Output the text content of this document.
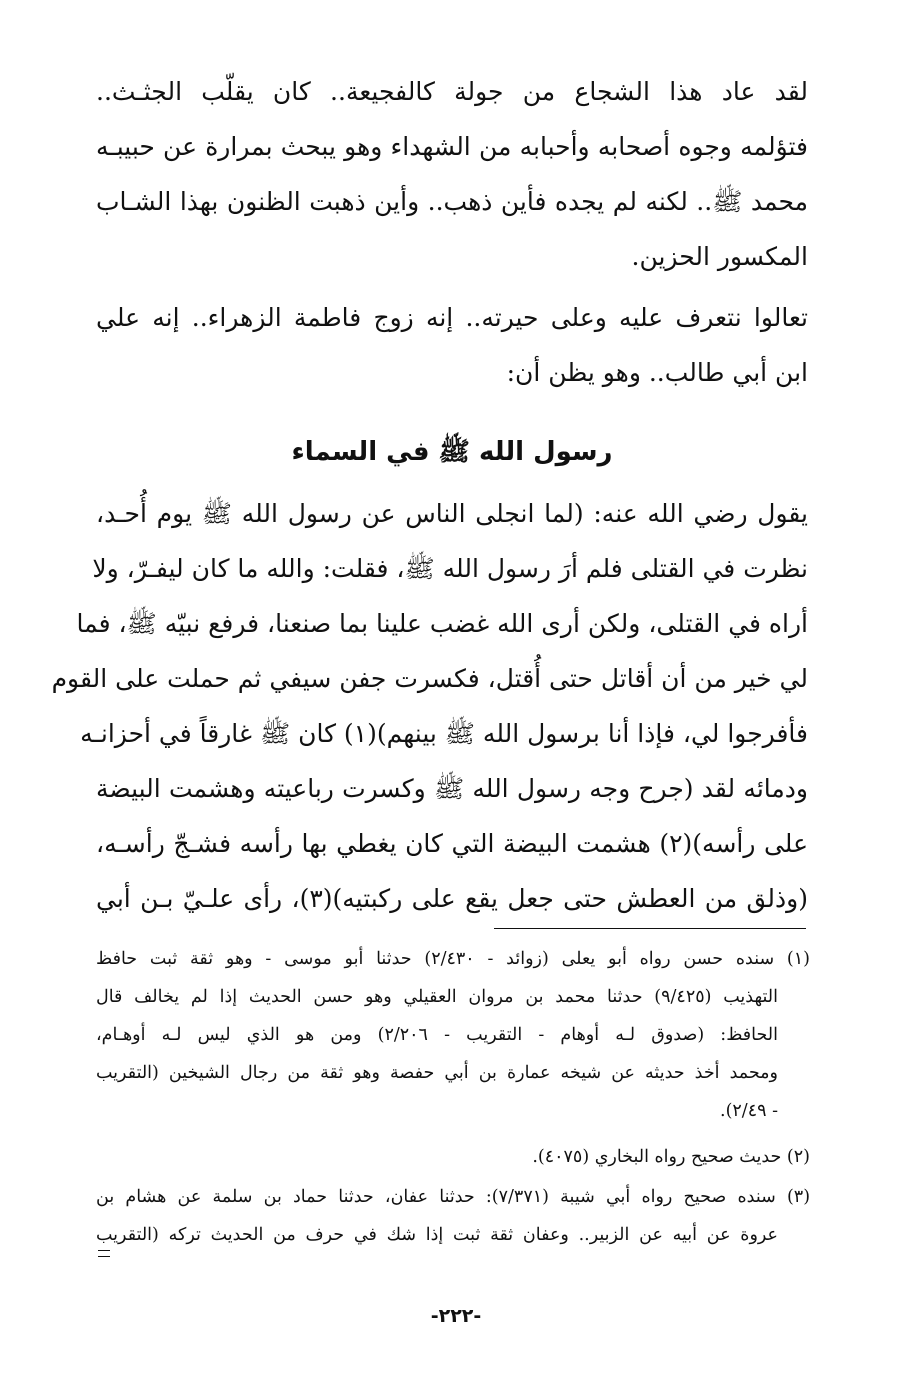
لقد عاد هذا الشجاع من جولة كالفجيعة.. كان يقلّب الجثـث..
فتؤلمه وجوه أصحابه وأحبابه من الشهداء وهو يبحث بمرارة عن حبيبـه
محمد ﷺ.. لكنه لم يجده فأين ذهب.. وأين ذهبت الظنون بهذا الشـاب
المكسور الحزين.

تعالوا نتعرف عليه وعلى حيرته.. إنه زوج فاطمة الزهراء.. إنه علي
ابن أبي طالب.. وهو يظن أن:

رسول الله ﷺ في السماء

يقول رضي الله عنه: (لما انجلى الناس عن رسول الله ﷺ يوم أُحـد،
نظرت في القتلى فلم أرَ رسول الله ﷺ، فقلت: والله ما كان ليفـرّ، ولا
أراه في القتلى، ولكن أرى الله غضب علينا بما صنعنا، فرفع نبيّه ﷺ، فما
لي خير من أن أقاتل حتى أُقتل، فكسرت جفن سيفي ثم حملت على القوم
فأفرجوا لي، فإذا أنا برسول الله ﷺ بينهم)(١) كان ﷺ غارقاً في أحزانـه
ودمائه لقد (جرح وجه رسول الله ﷺ وكسرت رباعيته وهشمت البيضة
على رأسه)(٢) هشمت البيضة التي كان يغطي بها رأسه فشـجّ رأسـه،
(وذلق من العطش حتى جعل يقع على ركبتيه)(٣)، رأى علـيّ بـن أبي

(١) سنده حسن رواه أبو يعلى (زوائد - ٢/٤٣٠) حدثنا أبو موسى - وهو ثقة ثبت حافظ
التهذيب (٩/٤٢٥) حدثنا محمد بن مروان العقيلي وهو حسن الحديث إذا لم يخالف قال
الحافظ: (صدوق لـه أوهام - التقريب - ٢/٢٠٦) ومن هو الذي ليس لـه أوهـام،
ومحمد أخذ حديثه عن شيخه عمارة بن أبي حفصة وهو ثقة من رجال الشيخين (التقريب
- ٢/٤٩).
(٢) حديث صحيح رواه البخاري (٤٠٧٥).
(٣) سنده صحيح رواه أبي شيبة (٧/٣٧١): حدثنا عفان، حدثنا حماد بن سلمة عن هشام بن
عروة عن أبيه عن الزبير.. وعفان ثقة ثبت إذا شك في حرف من الحديث تركه (التقريب
-٢٢٢-
